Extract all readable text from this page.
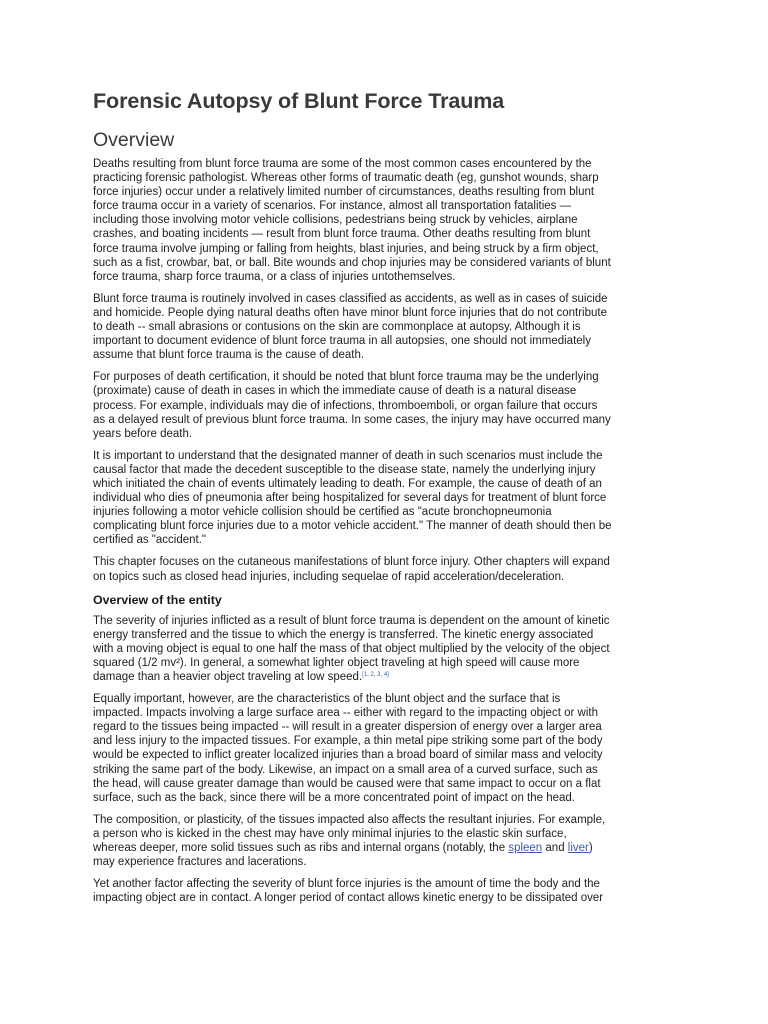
Forensic Autopsy of Blunt Force Trauma
Overview

Deaths resulting from blunt force trauma are some of the most common cases encountered by the
practicing forensic pathologist. Whereas other forms of traumatic death (eg, gunshot wounds, sharp
force injuries) occur under a relatively limited number of circumstances, deaths resulting from blunt
force trauma occur in a variety of scenarios. For instance, almost all transportation fatalities —
including those involving motor vehicle collisions, pedestrians being struck by vehicles, airplane
crashes, and boating incidents — result from blunt force trauma. Other deaths resulting from blunt
force trauma involve jumping or falling from heights, blast injuries, and being struck by a firm object,
such as a fist, crowbar, bat, or ball. Bite wounds and chop injuries may be considered variants of blunt
force trauma, sharp force trauma, or a class of injuries untothemselves.

Blunt force trauma is routinely involved in cases classified as accidents, as well as in cases of suicide
and homicide. People dying natural deaths often have minor blunt force injuries that do not contribute
to death -- small abrasions or contusions on the skin are commonplace at autopsy. Although it is
important to document evidence of blunt force trauma in all autopsies, one should not immediately
assume that blunt force trauma is the cause of death.

For purposes of death certification, it should be noted that blunt force trauma may be the underlying
(proximate) cause of death in cases in which the immediate cause of death is a natural disease
process. For example, individuals may die of infections, thromboemboli, or organ failure that occurs
as a delayed result of previous blunt force trauma. In some cases, the injury may have occurred many
years before death.

It is important to understand that the designated manner of death in such scenarios must include the
causal factor that made the decedent susceptible to the disease state, namely the underlying injury
which initiated the chain of events ultimately leading to death. For example, the cause of death of an
individual who dies of pneumonia after being hospitalized for several days for treatment of blunt force
injuries following a motor vehicle collision should be certified as "acute bronchopneumonia
complicating blunt force injuries due to a motor vehicle accident." The manner of death should then be
certified as "accident."

This chapter focuses on the cutaneous manifestations of blunt force injury. Other chapters will expand
on topics such as closed head injuries, including sequelae of rapid acceleration/deceleration.

Overview of the entity

The severity of injuries inflicted as a result of blunt force trauma is dependent on the amount of kinetic
energy transferred and the tissue to which the energy is transferred. The kinetic energy associated
with a moving object is equal to one half the mass of that object multiplied by the velocity of the object
squared (1/2 mv²). In general, a somewhat lighter object traveling at high speed will cause more
damage than a heavier object traveling at low speed.[1, 2, 3, 4]

Equally important, however, are the characteristics of the blunt object and the surface that is
impacted. Impacts involving a large surface area -- either with regard to the impacting object or with
regard to the tissues being impacted -- will result in a greater dispersion of energy over a larger area
and less injury to the impacted tissues. For example, a thin metal pipe striking some part of the body
would be expected to inflict greater localized injuries than a broad board of similar mass and velocity
striking the same part of the body. Likewise, an impact on a small area of a curved surface, such as
the head, will cause greater damage than would be caused were that same impact to occur on a flat
surface, such as the back, since there will be a more concentrated point of impact on the head.

The composition, or plasticity, of the tissues impacted also affects the resultant injuries. For example,
a person who is kicked in the chest may have only minimal injuries to the elastic skin surface,
whereas deeper, more solid tissues such as ribs and internal organs (notably, the spleen and liver)
may experience fractures and lacerations.

Yet another factor affecting the severity of blunt force injuries is the amount of time the body and the
impacting object are in contact. A longer period of contact allows kinetic energy to be dissipated over
